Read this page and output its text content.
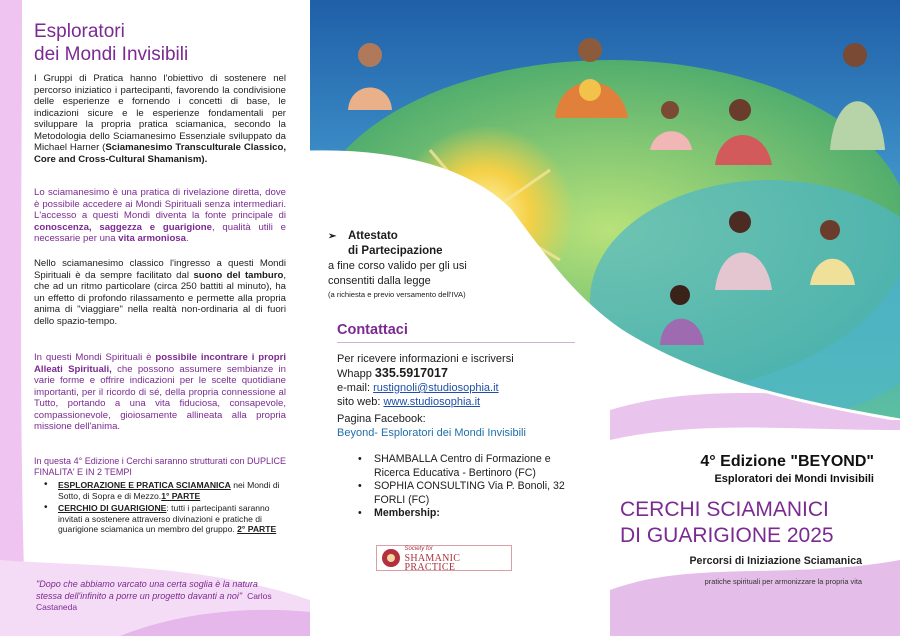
Esploratori
dei Mondi Invisibili
I Gruppi di Pratica hanno l'obiettivo di sostenere nel percorso iniziatico i partecipanti, favorendo la condivisione delle esperienze e fornendo i concetti di base, le indicazioni sicure e le esperienze fondamentali per sviluppare la propria pratica sciamanica, secondo la Metodologia dello Sciamanesimo Essenziale sviluppato da Michael Harner (Sciamanesimo Transculturale Classico, Core and Cross-Cultural Shamanism).
Lo sciamanesimo è una pratica di rivelazione diretta, dove è possibile accedere ai Mondi Spirituali senza intermediari. L'accesso a questi Mondi diventa la fonte principale di conoscenza, saggezza e guarigione, qualità utili e necessarie per una vita armoniosa.
Nello sciamanesimo classico l'ingresso a questi Mondi Spirituali è da sempre facilitato dal suono del tamburo, che ad un ritmo particolare (circa 250 battiti al minuto), ha un effetto di profondo rilassamento e permette alla propria anima di "viaggiare" nella realtà non-ordinaria al di fuori dello spazio-tempo.
In questi Mondi Spirituali è possibile incontrare i propri Alleati Spirituali, che possono assumere sembianze in varie forme e offrire indicazioni per le scelte quotidiane importanti, per il ricordo di sé, della propria connessione al Tutto, portando a una vita fiduciosa, consapevole, compassionevole, gioiosamente allineata alla propria missione dell'anima.
In questa 4° Edizione i Cerchi saranno strutturati con DUPLICE FINALITA' E IN 2 TEMPI
• ESPLORAZIONE E PRATICA SCIAMANICA nei Mondi di Sotto, di Sopra e di Mezzo.1° PARTE
• CERCHIO DI GUARIGIONE: tutti i partecipanti saranno invitati a sostenere attraverso divinazioni e pratiche di guarigione sciamanica un membro del gruppo. 2° PARTE
"Dopo che abbiamo varcato una certa soglia è la natura stessa dell'infinito a porre un progetto davanti a noi" Carlos Castaneda
➢	Attestato
di Partecipazione
a fine corso valido per gli usi
consentiti dalla legge
(a richiesta e previo versamento dell'IVA)
Contattaci
Per ricevere informazioni e iscriversi
Whapp 335.5917017
e-mail: rustignoli@studiosophia.it
sito web: www.studiosophia.it
Pagina Facebook:
Beyond- Esploratori dei Mondi Invisibili
• SHAMBALLA Centro di Formazione e Ricerca Educativa - Bertinoro (FC)
• SOPHIA CONSULTING Via P. Bonoli, 32 FORLI (FC)
• Membership:
Society for
SHAMANIC PRACTICE
4° Edizione "BEYOND"
Esploratori dei Mondi Invisibili
CERCHI SCIAMANICI
DI GUARIGIONE 2025
Percorsi di Iniziazione Sciamanica
pratiche spirituali per armonizzare la propria vita
